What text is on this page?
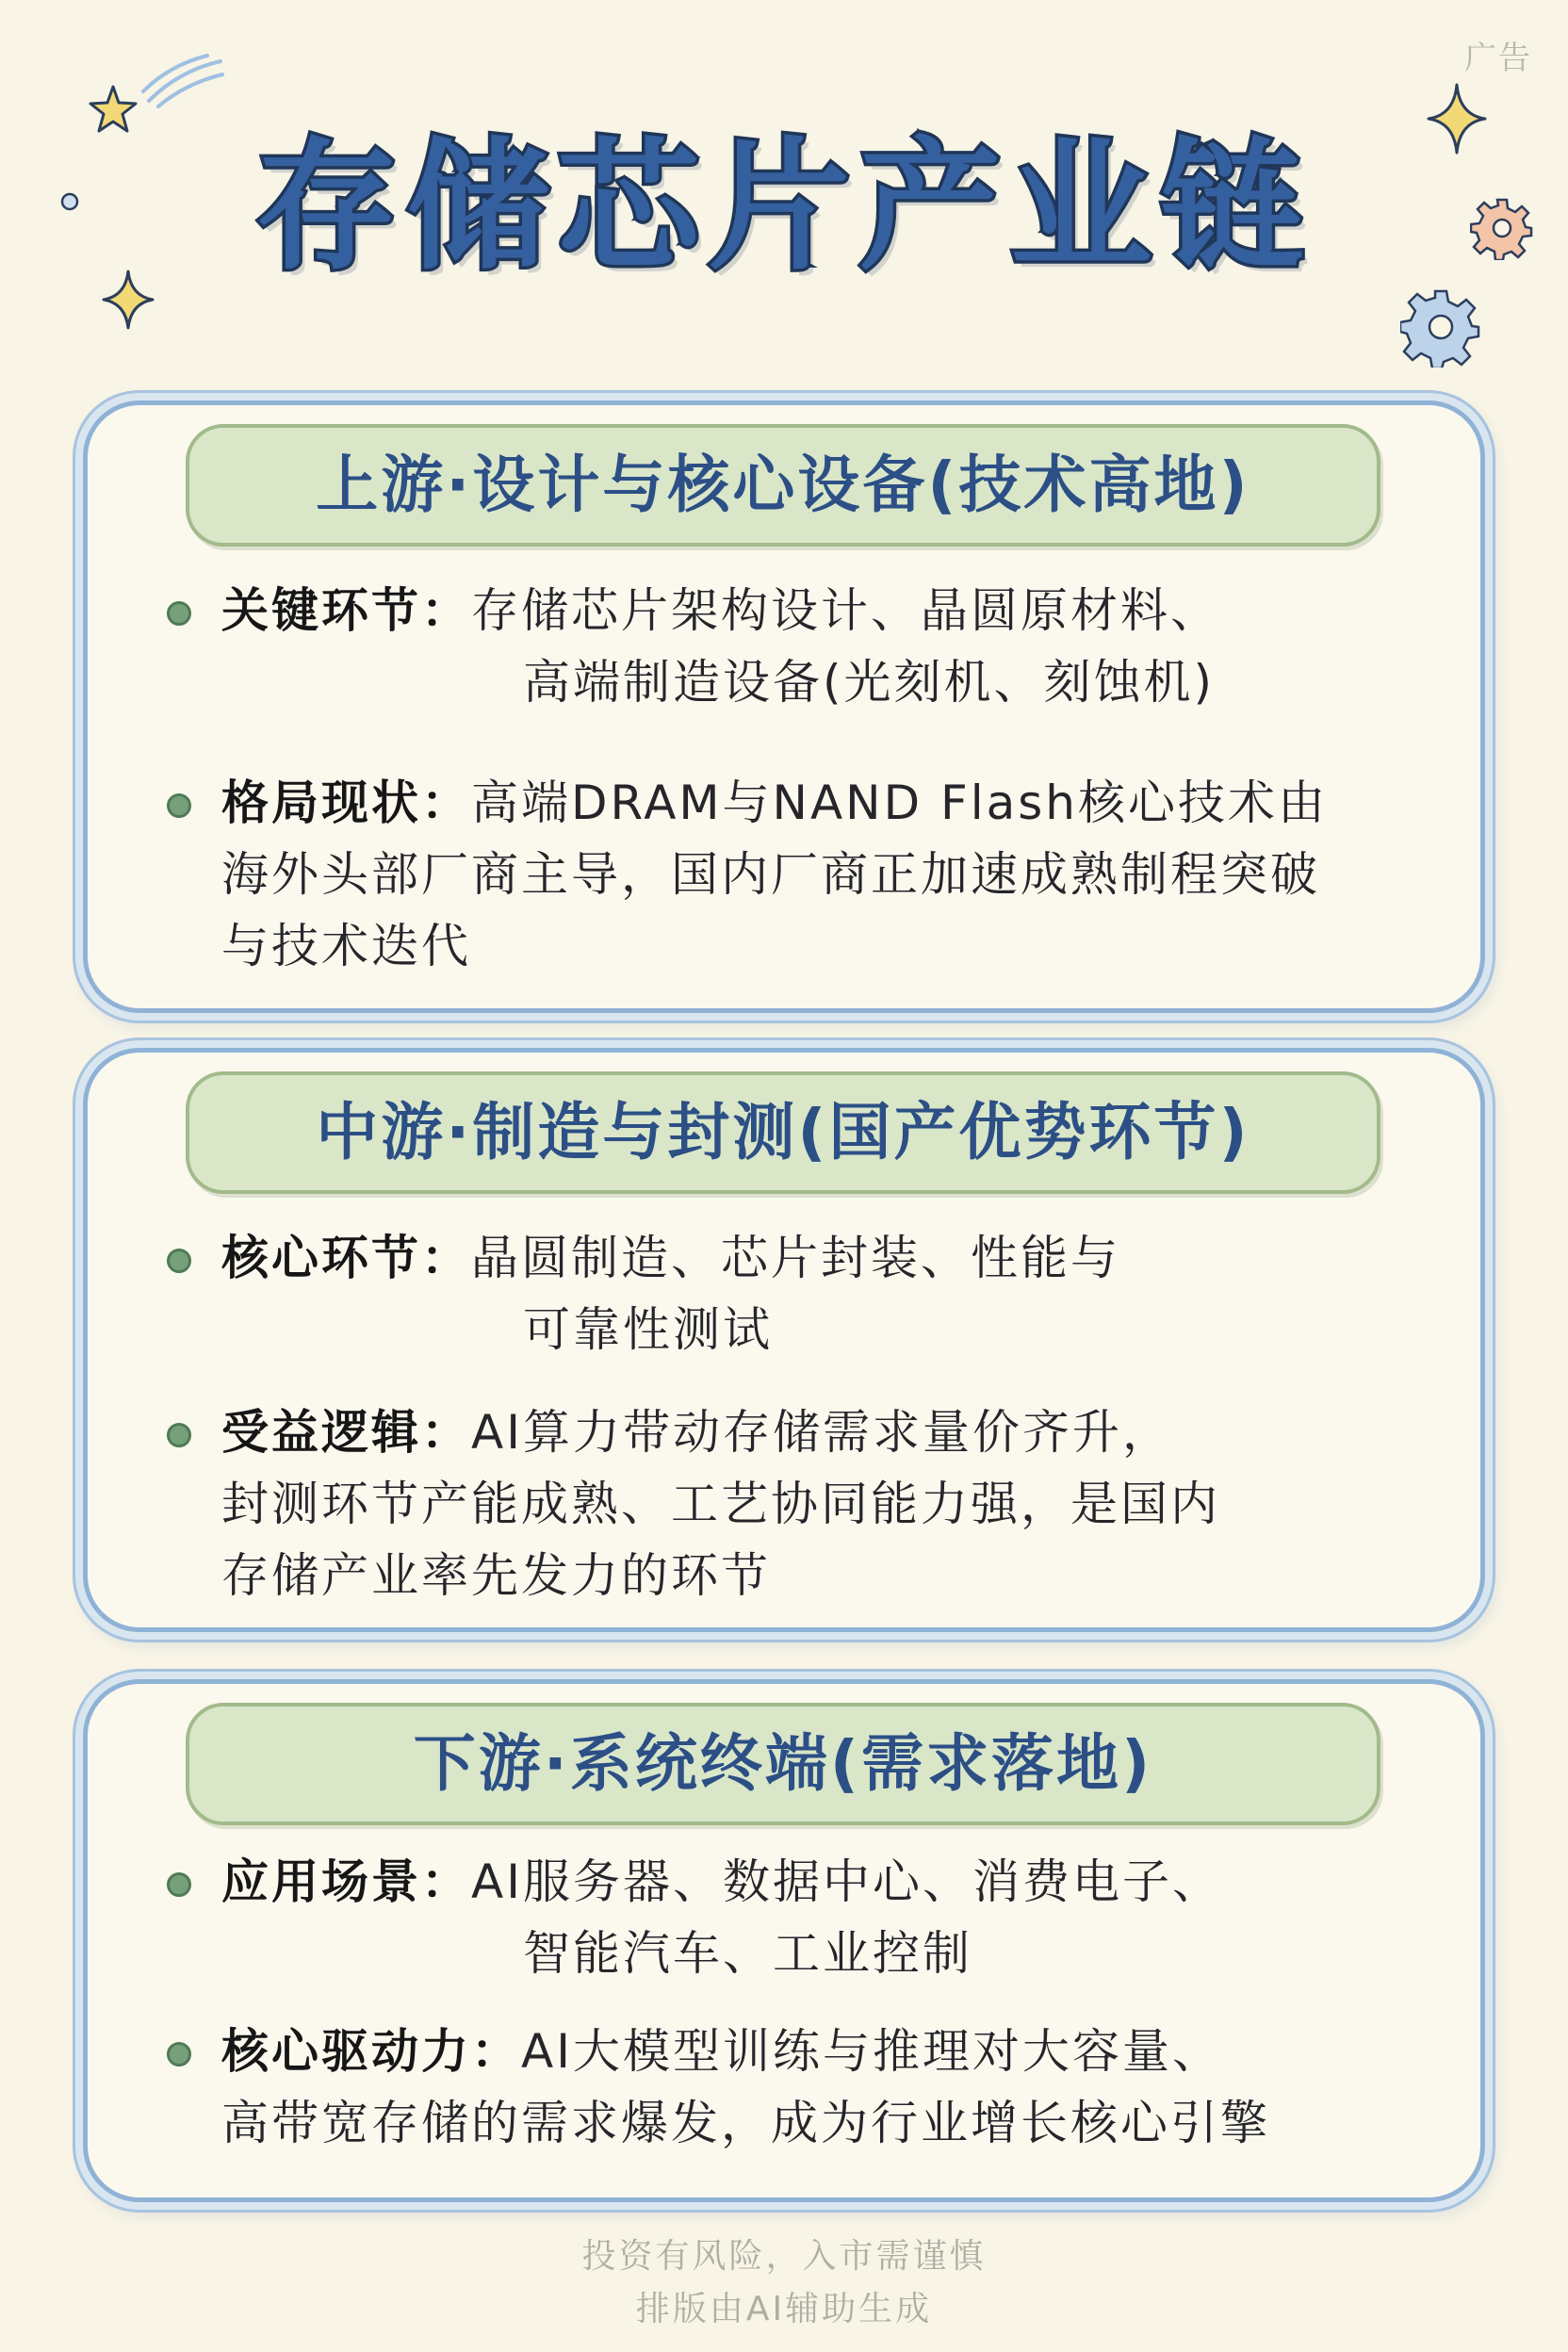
广告
存储芯片产业链
上游·设计与核心设备(技术高地)
关键环节：存储芯片架构设计、晶圆原材料、
高端制造设备(光刻机、刻蚀机)
格局现状：高端DRAM与NAND Flash核心技术由
海外头部厂商主导，国内厂商正加速成熟制程突破
与技术迭代
中游·制造与封测(国产优势环节)
核心环节：晶圆制造、芯片封装、性能与
可靠性测试
受益逻辑：AI算力带动存储需求量价齐升，
封测环节产能成熟、工艺协同能力强，是国内
存储产业率先发力的环节
下游·系统终端(需求落地)
应用场景：AI服务器、数据中心、消费电子、
智能汽车、工业控制
核心驱动力：AI大模型训练与推理对大容量、
高带宽存储的需求爆发，成为行业增长核心引擎
投资有风险，入市需谨慎
排版由AI辅助生成
